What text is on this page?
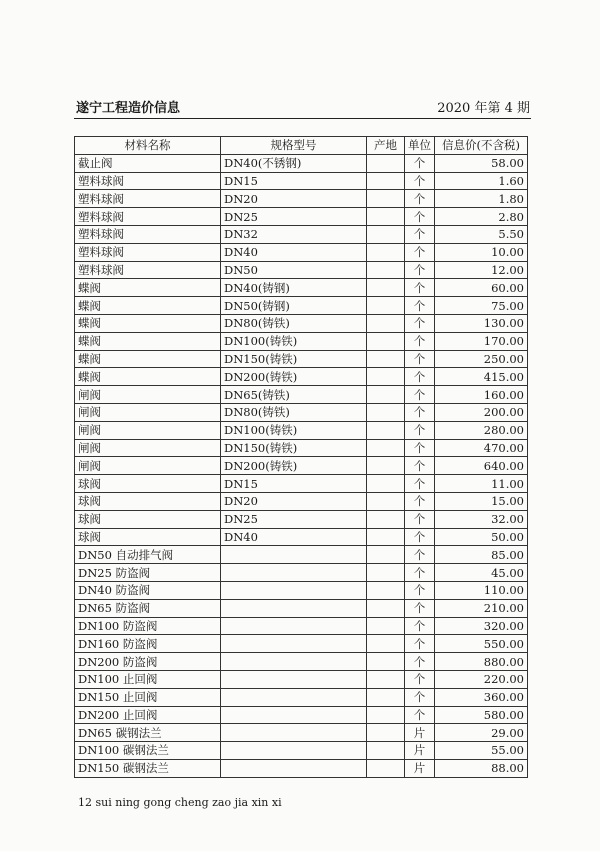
遂宁工程造价信息	2020 年第 4 期
材料名称	规格型号	产地	单位	信息价(不含税)
截止阀	DN40(不锈钢)		个	58.00
塑料球阀	DN15		个	1.60
塑料球阀	DN20		个	1.80
塑料球阀	DN25		个	2.80
塑料球阀	DN32		个	5.50
塑料球阀	DN40		个	10.00
塑料球阀	DN50		个	12.00
蝶阀	DN40(铸钢)		个	60.00
蝶阀	DN50(铸钢)		个	75.00
蝶阀	DN80(铸铁)		个	130.00
蝶阀	DN100(铸铁)		个	170.00
蝶阀	DN150(铸铁)		个	250.00
蝶阀	DN200(铸铁)		个	415.00
闸阀	DN65(铸铁)		个	160.00
闸阀	DN80(铸铁)		个	200.00
闸阀	DN100(铸铁)		个	280.00
闸阀	DN150(铸铁)		个	470.00
闸阀	DN200(铸铁)		个	640.00
球阀	DN15		个	11.00
球阀	DN20		个	15.00
球阀	DN25		个	32.00
球阀	DN40		个	50.00
DN50 自动排气阀			个	85.00
DN25 防盗阀			个	45.00
DN40 防盗阀			个	110.00
DN65 防盗阀			个	210.00
DN100 防盗阀			个	320.00
DN160 防盗阀			个	550.00
DN200 防盗阀			个	880.00
DN100 止回阀			个	220.00
DN150 止回阀			个	360.00
DN200 止回阀			个	580.00
DN65 碳钢法兰			片	29.00
DN100 碳钢法兰			片	55.00
DN150 碳钢法兰			片	88.00
12 sui ning gong cheng zao jia xin xi
